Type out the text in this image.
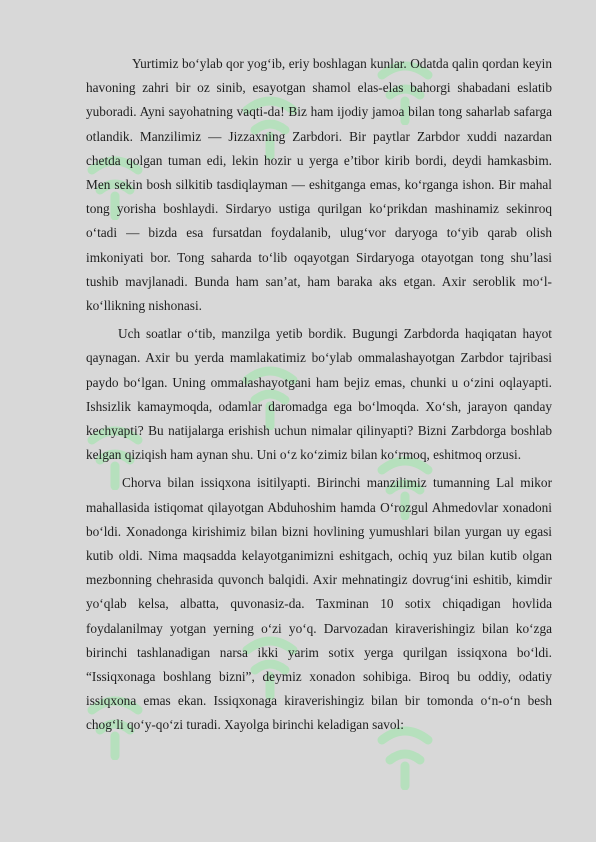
Yurtimiz bo‘ylab qor yog‘ib, eriy boshlagan kunlar. Odatda qalin qordan keyin havoning zahri bir oz sinib, esayotgan shamol elas-elas bahorgi shabadani eslatib yuboradi. Ayni sayohatning vaqti-da! Biz ham ijodiy jamoa bilan tong saharlab safarga otlandik. Manzilimiz — Jizzaxning Zarbdori. Bir paytlar Zarbdor xuddi nazardan chetda qolgan tuman edi, lekin hozir u yerga e’tibor kirib bordi, deydi hamkasbim. Men sekin bosh silkitib tasdiqlayman — eshitganga emas, ko‘rganga ishon. Bir mahal tong yorisha boshlaydi. Sirdaryo ustiga qurilgan ko‘prikdan mashinamiz sekinroq o‘tadi — bizda esa fursatdan foydalanib, ulug‘vor daryoga to‘yib qarab olish imkoniyati bor. Tong saharda to‘lib oqayotgan Sirdaryoga otayotgan tong shu’lasi tushib mavjlanadi. Bunda ham san’at, ham baraka aks etgan. Axir seroblik mo‘l-ko‘llikning nishonasi.

Uch soatlar o‘tib, manzilga yetib bordik. Bugungi Zarbdorda haqiqatan hayot qaynagan. Axir bu yerda mamlakatimiz bo‘ylab ommalashayotgan Zarbdor tajribasi paydo bo‘lgan. Uning ommalashayotgani ham bejiz emas, chunki u o‘zini oqlayapti. Ishsizlik kamaymoqda, odamlar daromadga ega bo‘lmoqda. Xo‘sh, jarayon qanday kechyapti? Bu natijalarga erishish uchun nimalar qilinyapti? Bizni Zarbdorga boshlab kelgan qiziqish ham aynan shu. Uni o‘z ko‘zimiz bilan ko‘rmoq, eshitmoq orzusi.

Chorva bilan issiqxona isitilyapti. Birinchi manzilimiz tumanning Lal mikor mahallasida istiqomat qilayotgan Abduhoshim hamda O‘rozgul Ahmedovlar xonadoni bo‘ldi. Xonadonga kirishimiz bilan bizni hovlining yumushlari bilan yurgan uy egasi kutib oldi. Nima maqsadda kelayotganimizni eshitgach, ochiq yuz bilan kutib olgan mezbonning chehrasida quvonch balqidi. Axir mehnatingiz dovrug‘ini eshitib, kimdir yo‘qlab kelsa, albatta, quvonasiz-da. Taxminan 10 sotix chiqadigan hovlida foydalanilmay yotgan yerning o‘zi yo‘q. Darvozadan kiraverishingiz bilan ko‘zga birinchi tashlanadigan narsa ikki yarim sotix yerga qurilgan issiqxona bo‘ldi. “Issiqxonaga boshlang bizni”, deymiz xonadon sohibiga. Biroq bu oddiy, odatiy issiqxona emas ekan. Issiqxonaga kiraverishingiz bilan bir tomonda o‘n-o‘n besh chog‘li qo‘y-qo‘zi turadi. Xayolga birinchi keladigan savol:
